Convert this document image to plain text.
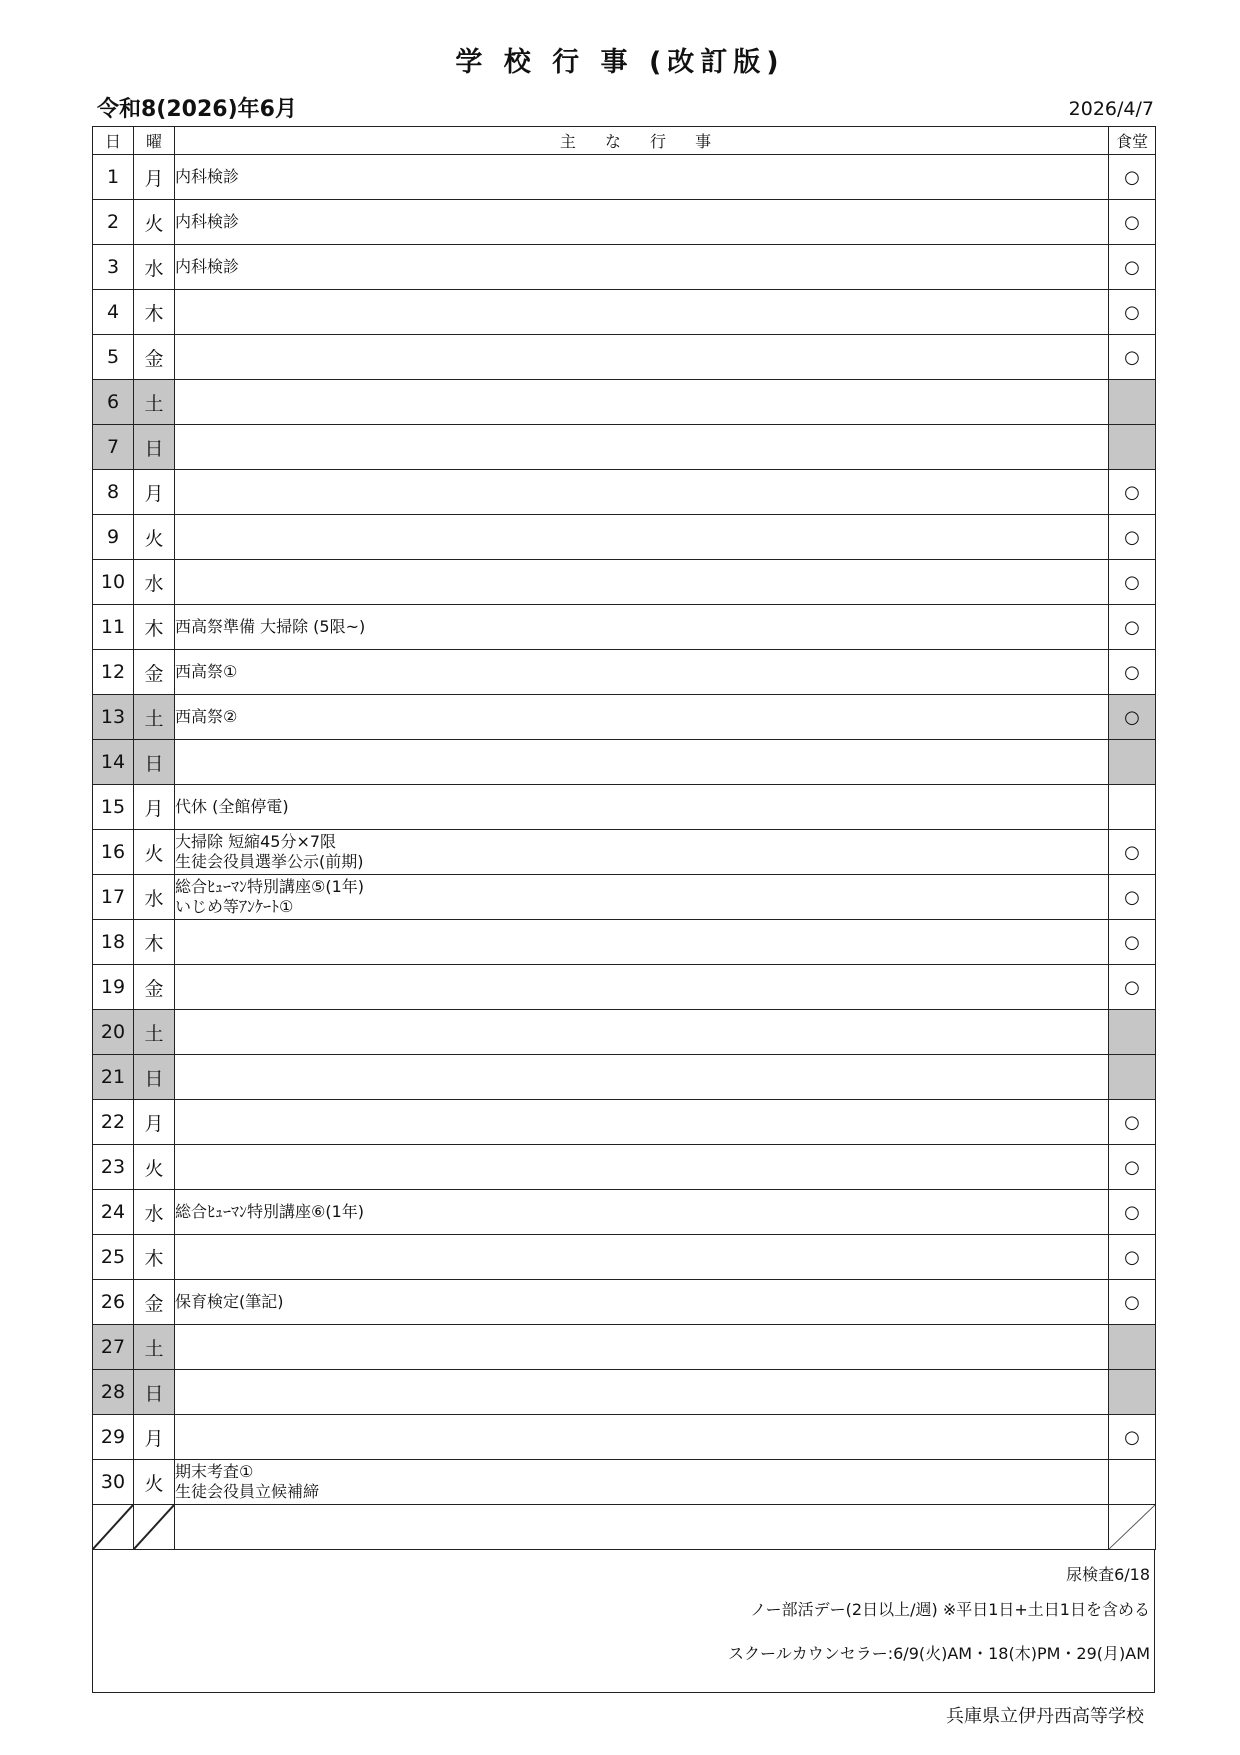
学 校 行 事 (改訂版)
令和8(2026)年6月	2026/4/7
日	曜	主 な 行 事	食堂
1	月	内科検診	○
2	火	内科検診	○
3	水	内科検診	○
4	木		○
5	金		○
6	土		
7	日		
8	月		○
9	火		○
10	水		○
11	木	西高祭準備 大掃除 (5限~)	○
12	金	西高祭①	○
13	土	西高祭②	○
14	日		
15	月	代休 (全館停電)	

16	火	大掃除 短縮45分×7限
生徒会役員選挙公示(前期)	○
17	水	総合ﾋｭｰﾏﾝ特別講座⑤(1年)
いじめ等ｱﾝｹｰﾄ①	○
18	木		○
19	金		○
20	土		
21	日		
22	月		○
23	火		○
24	水	総合ﾋｭｰﾏﾝ特別講座⑥(1年)	○
25	木		○
26	金	保育検定(筆記)	○
27	土		
28	日		
29	月		○
30	火	期末考査①
生徒会役員立候補締	

尿検査6/18
ノー部活デー(2日以上/週) ※平日1日+土日1日を含める
スクールカウンセラー:6/9(火)AM・18(木)PM・29(月)AM
兵庫県立伊丹西高等学校
